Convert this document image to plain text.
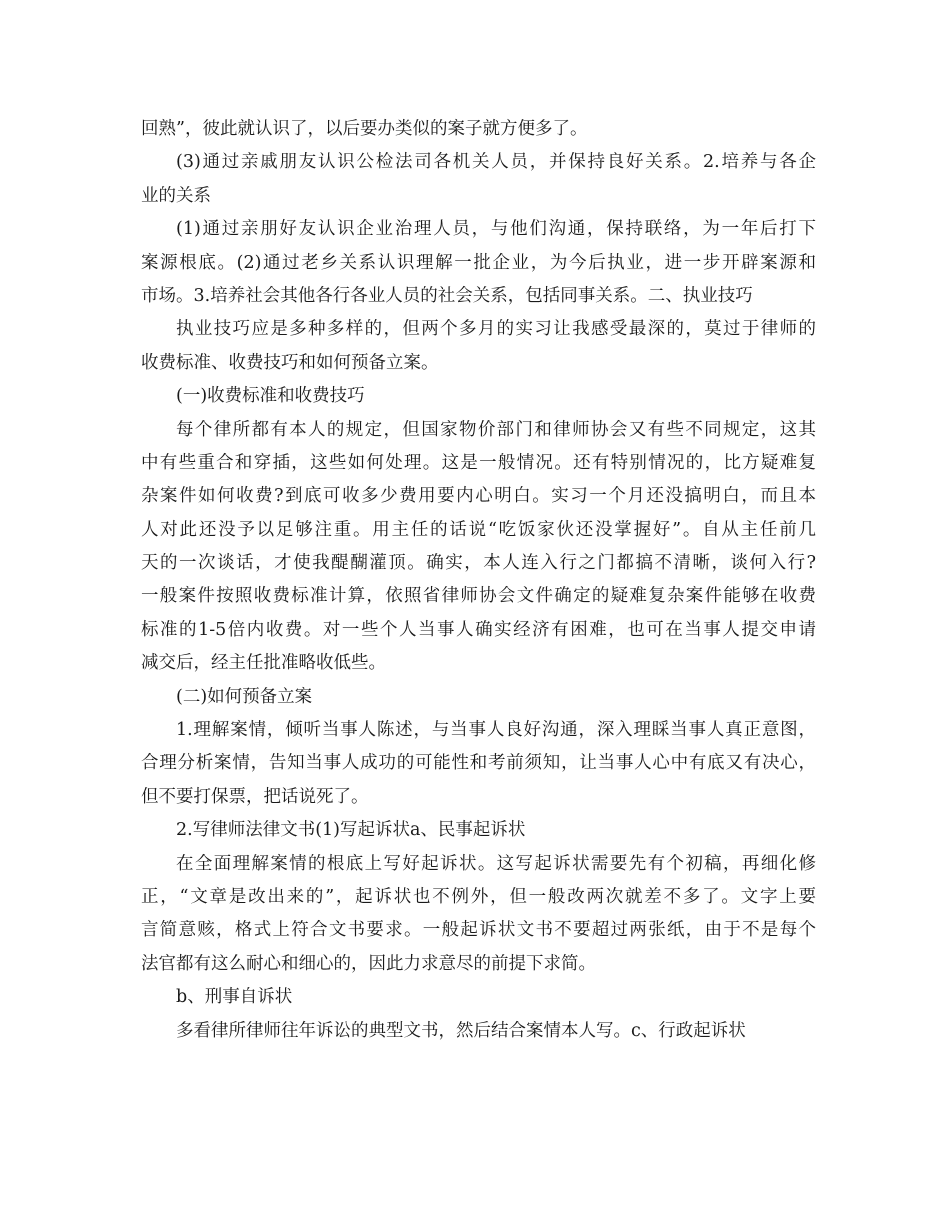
回熟”，彼此就认识了，以后要办类似的案子就方便多了。
(3)通过亲戚朋友认识公检法司各机关人员，并保持良好关系。2.培养与各企
业的关系
(1)通过亲朋好友认识企业治理人员，与他们沟通，保持联络，为一年后打下
案源根底。(2)通过老乡关系认识理解一批企业，为今后执业，进一步开辟案源和
市场。3.培养社会其他各行各业人员的社会关系，包括同事关系。二、执业技巧
执业技巧应是多种多样的，但两个多月的实习让我感受最深的，莫过于律师的
收费标准、收费技巧和如何预备立案。
(一)收费标准和收费技巧
每个律所都有本人的规定，但国家物价部门和律师协会又有些不同规定，这其
中有些重合和穿插，这些如何处理。这是一般情况。还有特别情况的，比方疑难复
杂案件如何收费?到底可收多少费用要内心明白。实习一个月还没搞明白，而且本
人对此还没予以足够注重。用主任的话说“吃饭家伙还没掌握好”。自从主任前几
天的一次谈话，才使我醍醐灌顶。确实，本人连入行之门都搞不清晰，谈何入行?
一般案件按照收费标准计算，依照省律师协会文件确定的疑难复杂案件能够在收费
标准的1-5倍内收费。对一些个人当事人确实经济有困难，也可在当事人提交申请
减交后，经主任批准略收低些。
(二)如何预备立案
1.理解案情，倾听当事人陈述，与当事人良好沟通，深入理睬当事人真正意图，
合理分析案情，告知当事人成功的可能性和考前须知，让当事人心中有底又有决心，
但不要打保票，把话说死了。
2.写律师法律文书(1)写起诉状a、民事起诉状
在全面理解案情的根底上写好起诉状。这写起诉状需要先有个初稿，再细化修
正，“文章是改出来的”，起诉状也不例外，但一般改两次就差不多了。文字上要
言简意赅，格式上符合文书要求。一般起诉状文书不要超过两张纸，由于不是每个
法官都有这么耐心和细心的，因此力求意尽的前提下求简。
b、刑事自诉状
多看律所律师往年诉讼的典型文书，然后结合案情本人写。c、行政起诉状
